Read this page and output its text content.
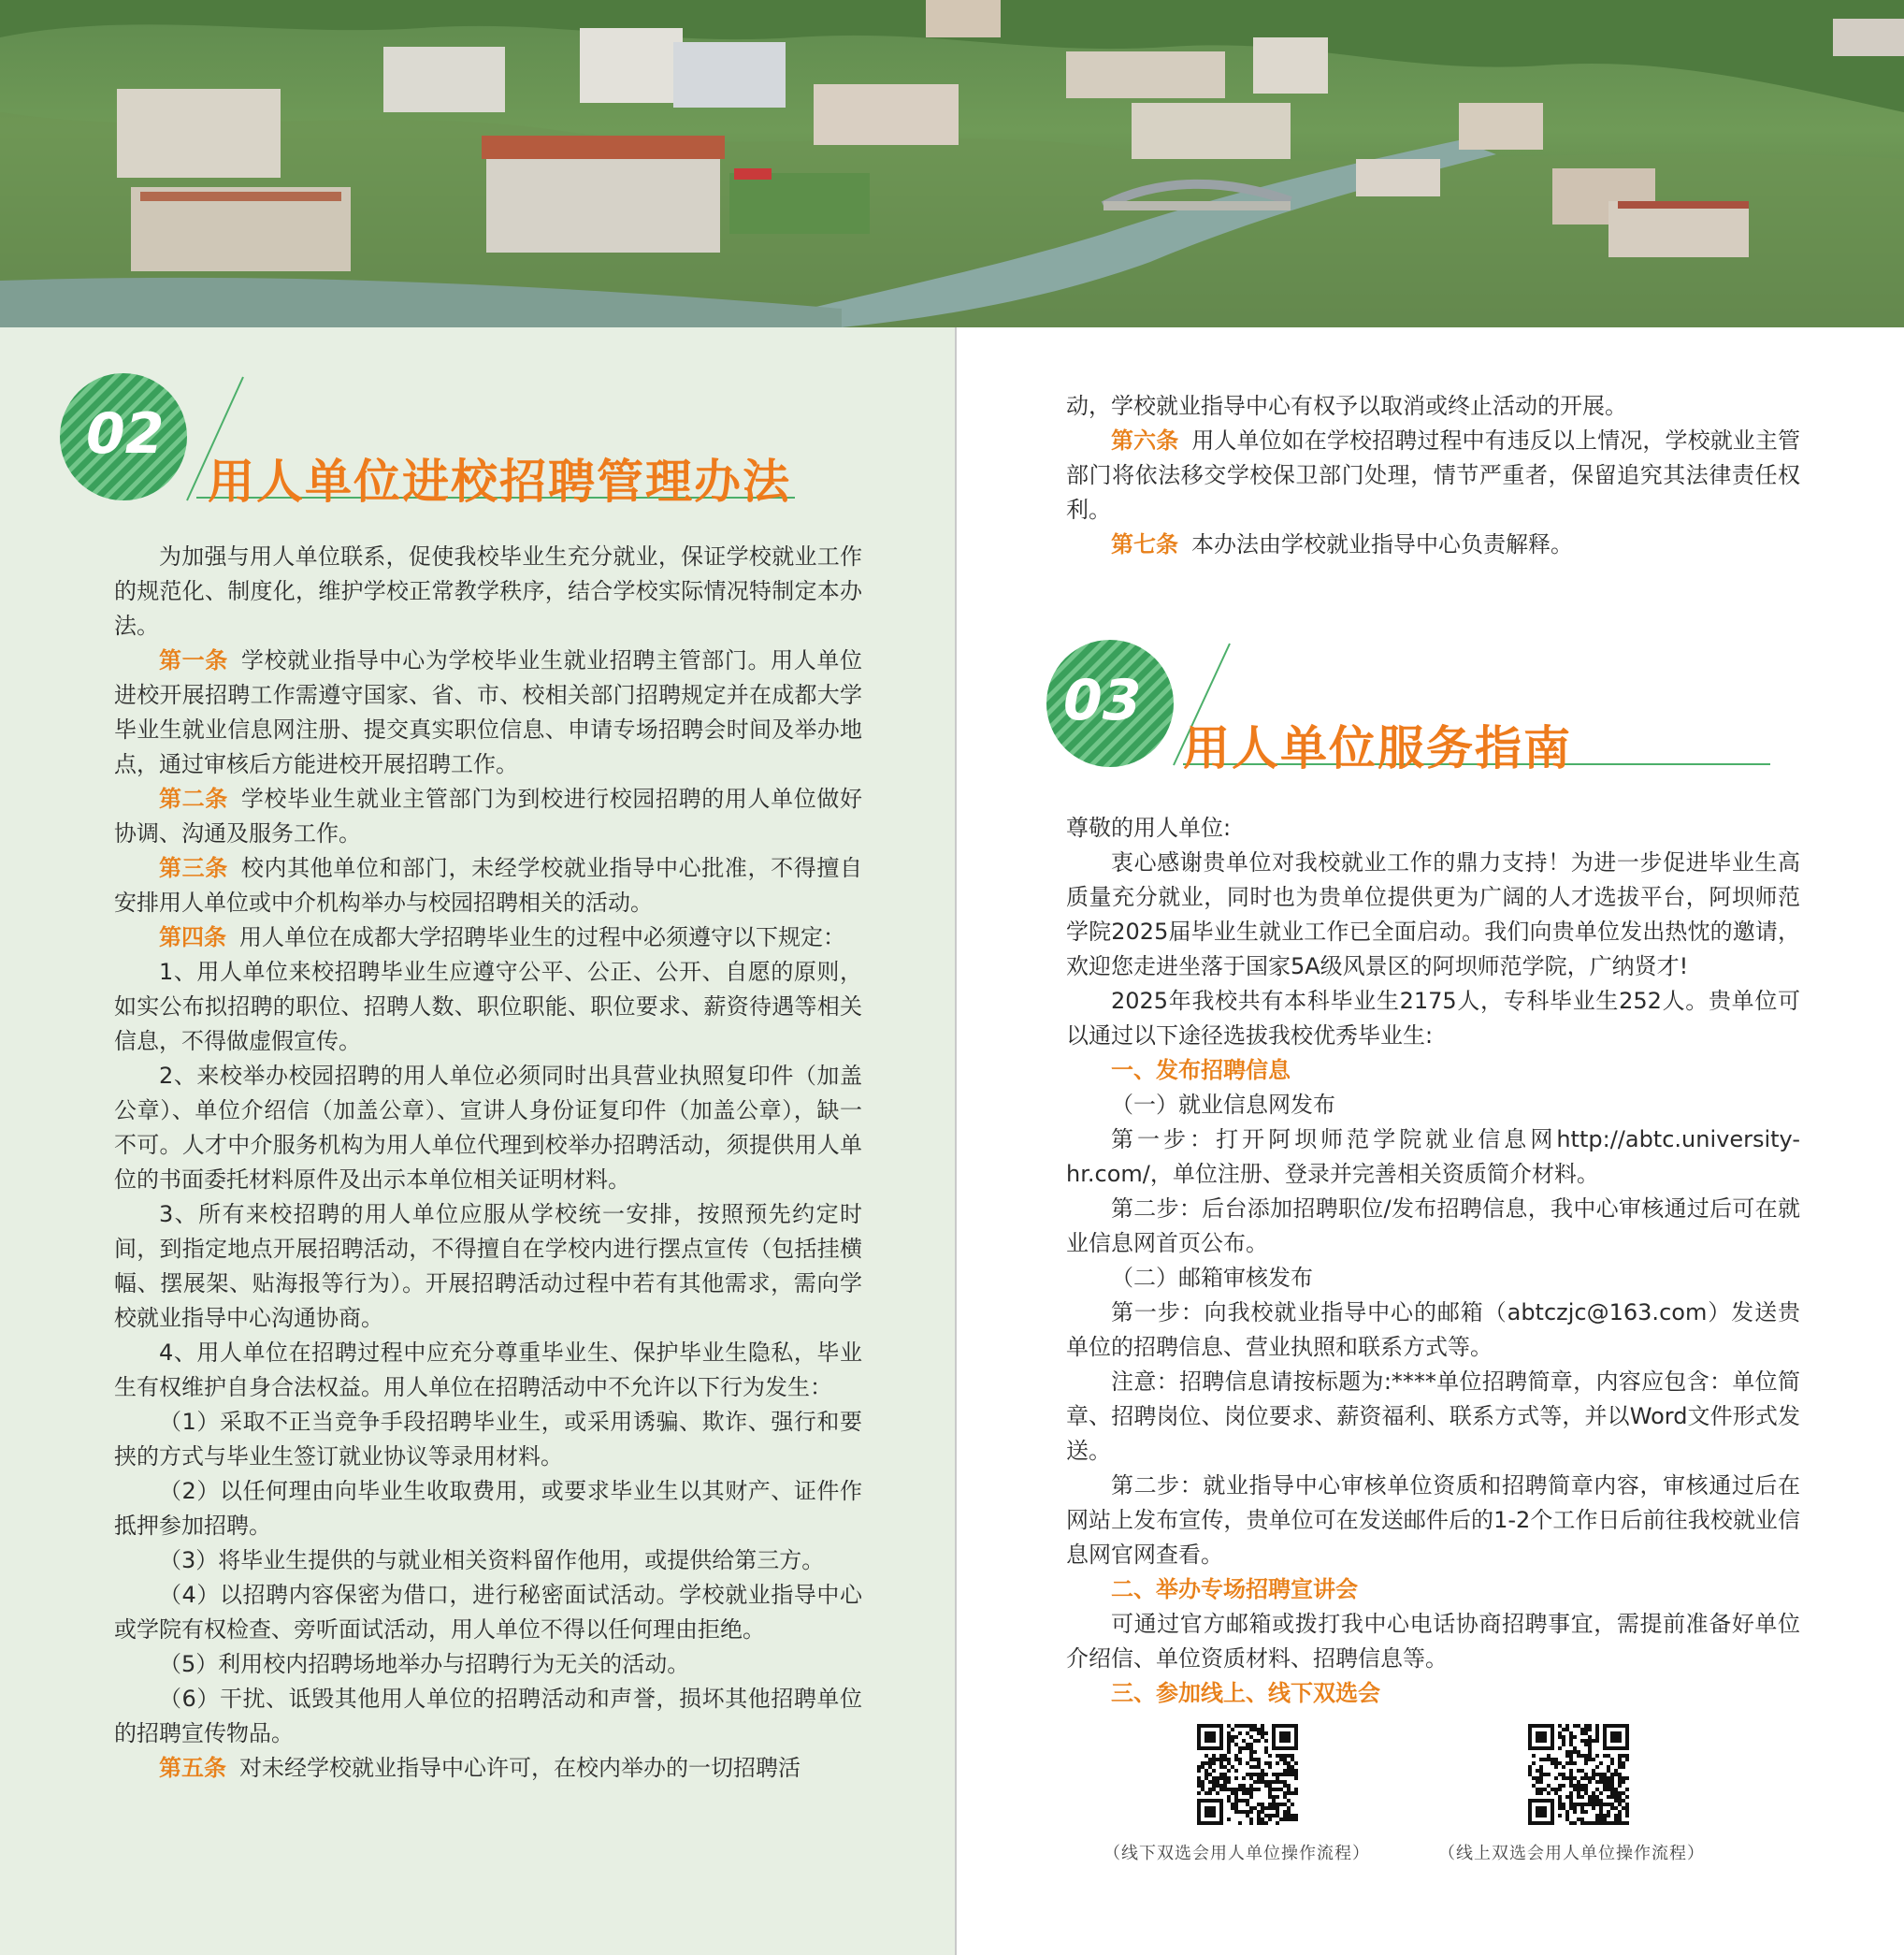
02
用人单位进校招聘管理办法

为加强与用人单位联系，促使我校毕业生充分就业，保证学校就业工作的规范化、制度化，维护学校正常教学秩序，结合学校实际情况特制定本办法。

第一条 学校就业指导中心为学校毕业生就业招聘主管部门。用人单位进校开展招聘工作需遵守国家、省、市、校相关部门招聘规定并在成都大学毕业生就业信息网注册、提交真实职位信息、申请专场招聘会时间及举办地点，通过审核后方能进校开展招聘工作。

第二条 学校毕业生就业主管部门为到校进行校园招聘的用人单位做好协调、沟通及服务工作。

第三条 校内其他单位和部门，未经学校就业指导中心批准，不得擅自安排用人单位或中介机构举办与校园招聘相关的活动。

第四条 用人单位在成都大学招聘毕业生的过程中必须遵守以下规定：

1、用人单位来校招聘毕业生应遵守公平、公正、公开、自愿的原则，如实公布拟招聘的职位、招聘人数、职位职能、职位要求、薪资待遇等相关信息，不得做虚假宣传。

2、来校举办校园招聘的用人单位必须同时出具营业执照复印件（加盖公章）、单位介绍信（加盖公章）、宣讲人身份证复印件（加盖公章），缺一不可。人才中介服务机构为用人单位代理到校举办招聘活动，须提供用人单位的书面委托材料原件及出示本单位相关证明材料。

3、所有来校招聘的用人单位应服从学校统一安排，按照预先约定时间，到指定地点开展招聘活动，不得擅自在学校内进行摆点宣传（包括挂横幅、摆展架、贴海报等行为）。开展招聘活动过程中若有其他需求，需向学校就业指导中心沟通协商。

4、用人单位在招聘过程中应充分尊重毕业生、保护毕业生隐私，毕业生有权维护自身合法权益。用人单位在招聘活动中不允许以下行为发生：

（1）采取不正当竞争手段招聘毕业生，或采用诱骗、欺诈、强行和要挟的方式与毕业生签订就业协议等录用材料。

（2）以任何理由向毕业生收取费用，或要求毕业生以其财产、证件作抵押参加招聘。

（3）将毕业生提供的与就业相关资料留作他用，或提供给第三方。

（4）以招聘内容保密为借口，进行秘密面试活动。学校就业指导中心或学院有权检查、旁听面试活动，用人单位不得以任何理由拒绝。

（5）利用校内招聘场地举办与招聘行为无关的活动。

（6）干扰、诋毁其他用人单位的招聘活动和声誉，损坏其他招聘单位的招聘宣传物品。

第五条 对未经学校就业指导中心许可，在校内举办的一切招聘活

动，学校就业指导中心有权予以取消或终止活动的开展。

第六条 用人单位如在学校招聘过程中有违反以上情况，学校就业主管部门将依法移交学校保卫部门处理，情节严重者，保留追究其法律责任权利。

第七条 本办法由学校就业指导中心负责解释。

03
用人单位服务指南

尊敬的用人单位:

衷心感谢贵单位对我校就业工作的鼎力支持！为进一步促进毕业生高质量充分就业，同时也为贵单位提供更为广阔的人才选拔平台，阿坝师范学院2025届毕业生就业工作已全面启动。我们向贵单位发出热忱的邀请，欢迎您走进坐落于国家5A级风景区的阿坝师范学院，广纳贤才!

2025年我校共有本科毕业生2175人，专科毕业生252人。贵单位可以通过以下途径选拔我校优秀毕业生:

一、发布招聘信息

（一）就业信息网发布

第一步：打开阿坝师范学院就业信息网http://abtc.university-hr.com/，单位注册、登录并完善相关资质简介材料。

第二步：后台添加招聘职位/发布招聘信息，我中心审核通过后可在就业信息网首页公布。

（二）邮箱审核发布

第一步：向我校就业指导中心的邮箱（abtczjc@163.com）发送贵单位的招聘信息、营业执照和联系方式等。

注意：招聘信息请按标题为:****单位招聘简章，内容应包含：单位简章、招聘岗位、岗位要求、薪资福利、联系方式等，并以Word文件形式发送。

第二步：就业指导中心审核单位资质和招聘简章内容，审核通过后在网站上发布宣传，贵单位可在发送邮件后的1-2个工作日后前往我校就业信息网官网查看。

二、举办专场招聘宣讲会

可通过官方邮箱或拨打我中心电话协商招聘事宜，需提前准备好单位介绍信、单位资质材料、招聘信息等。

三、参加线上、线下双选会

（线下双选会用人单位操作流程）	（线上双选会用人单位操作流程）
